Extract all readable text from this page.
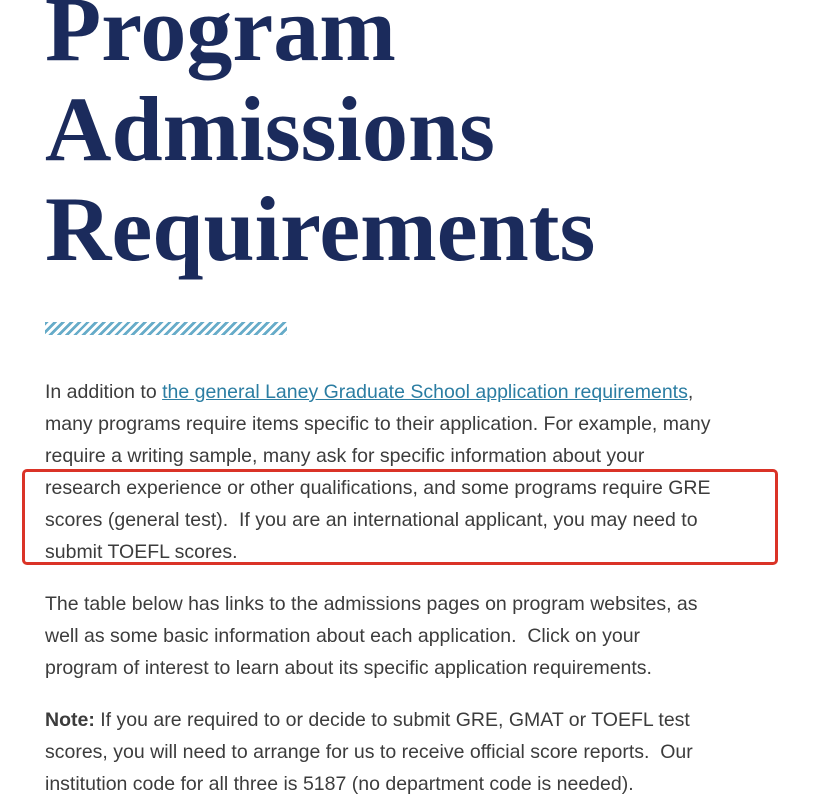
Program
Admissions
Requirements

In addition to the general Laney Graduate School application requirements,
many programs require items specific to their application. For example, many
require a writing sample, many ask for specific information about your
research experience or other qualifications, and some programs require GRE
scores (general test).  If you are an international applicant, you may need to
submit TOEFL scores.

The table below has links to the admissions pages on program websites, as
well as some basic information about each application.  Click on your
program of interest to learn about its specific application requirements.

Note: If you are required to or decide to submit GRE, GMAT or TOEFL test
scores, you will need to arrange for us to receive official score reports.  Our
institution code for all three is 5187 (no department code is needed).
